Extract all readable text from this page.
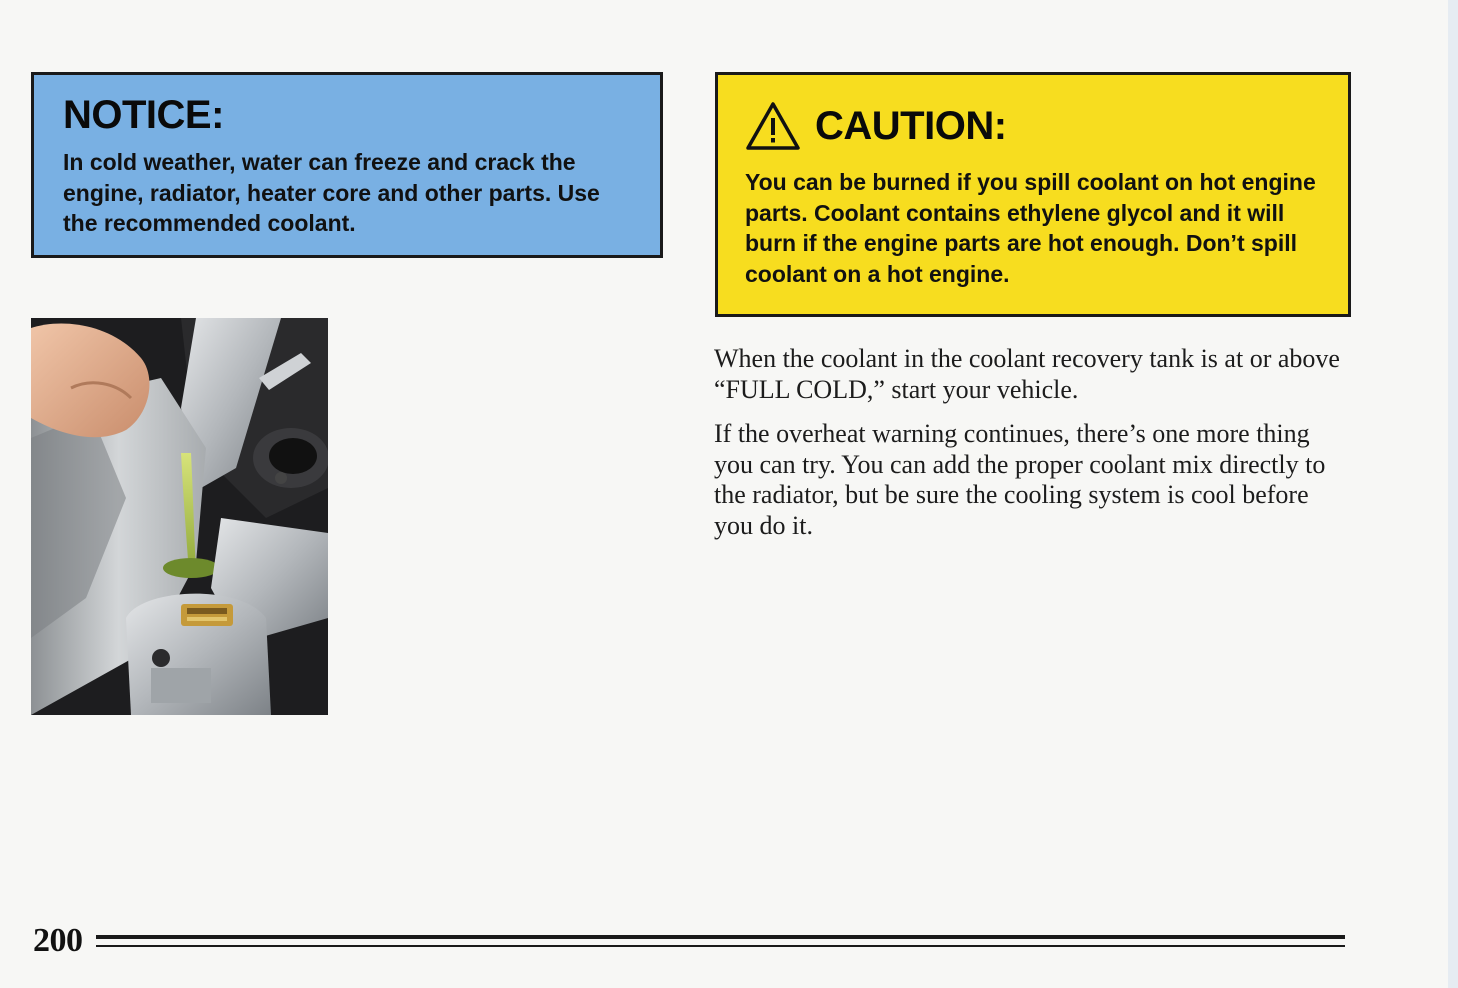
NOTICE:

In cold weather, water can freeze and crack the engine, radiator, heater core and other parts. Use the recommended coolant.

CAUTION:

You can be burned if you spill coolant on hot engine parts. Coolant contains ethylene glycol and it will burn if the engine parts are hot enough. Don’t spill coolant on a hot engine.

When the coolant in the coolant recovery tank is at or above “FULL COLD,” start your vehicle.

If the overheat warning continues, there’s one more thing you can try. You can add the proper coolant mix directly to the radiator, but be sure the cooling system is cool before you do it.

200
